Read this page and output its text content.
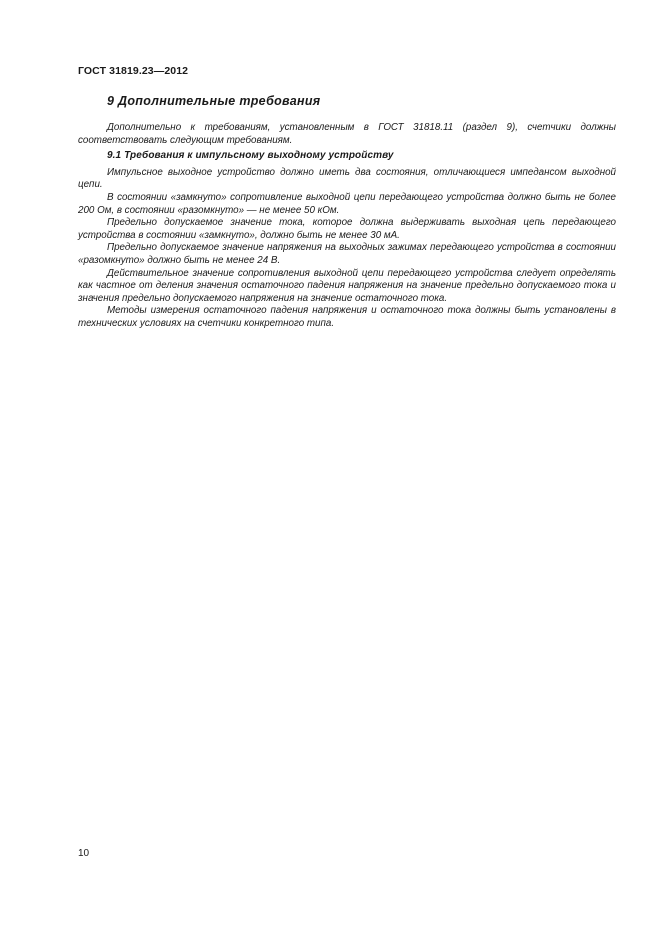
ГОСТ 31819.23—2012
9 Дополнительные требования

Дополнительно к требованиям, установленным в ГОСТ 31818.11 (раздел 9), счетчики должны соответствовать следующим требованиям.

9.1 Требования к импульсному выходному устройству

Импульсное выходное устройство должно иметь два состояния, отличающиеся импедансом выходной цепи.

В состоянии «замкнуто» сопротивление выходной цепи передающего устройства должно быть не более 200 Ом, в состоянии «разомкнуто» — не менее 50 кОм.

Предельно допускаемое значение тока, которое должна выдерживать выходная цепь передающего устройства в состоянии «замкнуто», должно быть не менее 30 мА.

Предельно допускаемое значение напряжения на выходных зажимах передающего устройства в состоянии «разомкнуто» должно быть не менее 24 В.

Действительное значение сопротивления выходной цепи передающего устройства следует определять как частное от деления значения остаточного падения напряжения на значение предельно допускаемого тока и значения предельно допускаемого напряжения на значение остаточного тока.

Методы измерения остаточного падения напряжения и остаточного тока должны быть установлены в технических условиях на счетчики конкретного типа.

10
